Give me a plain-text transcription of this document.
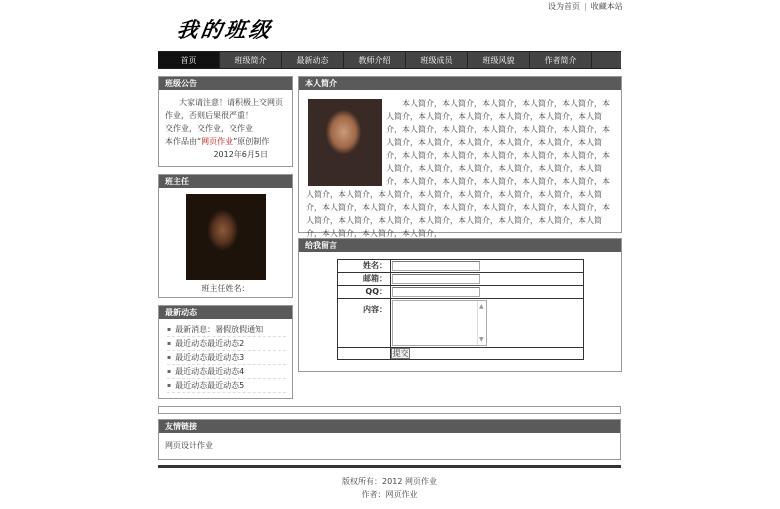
设为首页 | 收藏本站
我的班级
首页	班级简介	最新动态	教师介绍	班级成员	班级风貌	作者简介
班级公告
大家请注意！请积极上交网页作业，否则后果很严重！
交作业，交作业，交作业
本作品由“网页作业”原创制作
2012年6月5日
班主任
班主任姓名：
最新动态
▪ 最新消息：暑假放假通知
▪ 最近动态最近动态2
▪ 最近动态最近动态3
▪ 最近动态最近动态4
▪ 最近动态最近动态5
本人简介

本人简介，本人简介，本人简介，本人简介，本人简介，本人简介，本人简介，本人简介，本人简介，本人简介，本人简介，本人简介，本人简介，本人简介，本人简介，本人简介，本人简介，本人简介，本人简介，本人简介，本人简介，本人简介，本人简介，本人简介，本人简介，本人简介，本人简介，本人简介，本人简介，本人简介，本人简介，本人简介，本人简介，本人简介，本人简介，本人简介，本人简介，本人简介，本人简介，本人简介，本人简介，本人简介，本人简介，本人简介，本人简介，本人简介，本人简介，本人简介，本人简介，本人简介，本人简介，本人简介，本人简介，本人简介，本人简介，本人简介，本人简介，本人简介，本人简介，本人简介，本人简介，本人简介，本人简介，本人简介，

给我留言
姓名：
邮箱：
QQ：
内容：	▲
▼
提交
友情链接
网页设计作业
版权所有：2012 网页作业
作者：网页作业
